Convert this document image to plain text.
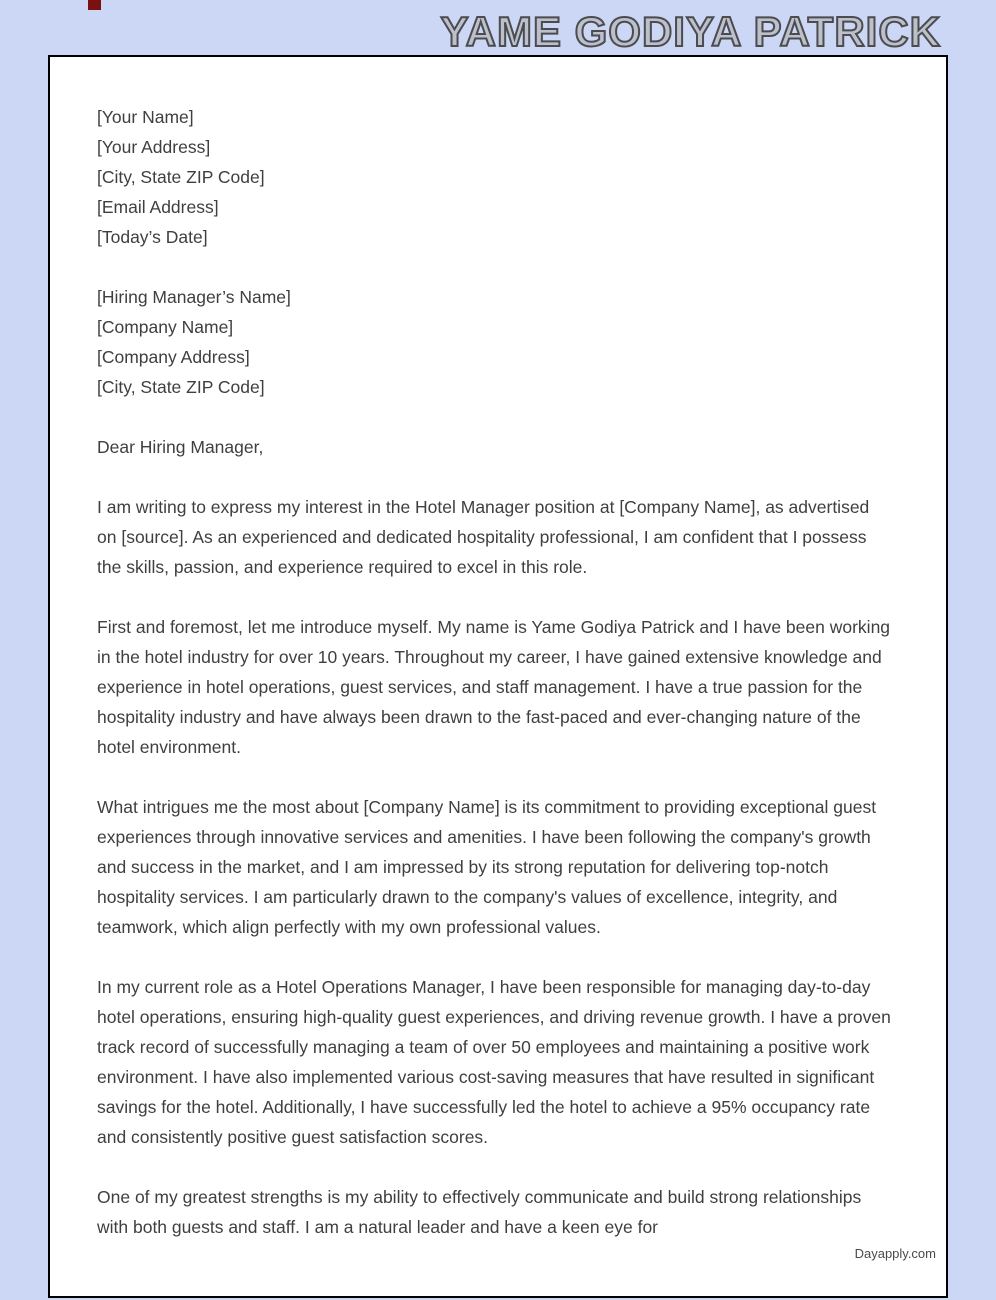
YAME GODIYA PATRICK
[Your Name]
[Your Address]
[City, State ZIP Code]
[Email Address]
[Today’s Date]
[Hiring Manager’s Name]
[Company Name]
[Company Address]
[City, State ZIP Code]

Dear Hiring Manager,

I am writing to express my interest in the Hotel Manager position at [Company Name], as advertised on [source]. As an experienced and dedicated hospitality professional, I am confident that I possess the skills, passion, and experience required to excel in this role.

First and foremost, let me introduce myself. My name is Yame Godiya Patrick and I have been working in the hotel industry for over 10 years. Throughout my career, I have gained extensive knowledge and experience in hotel operations, guest services, and staff management. I have a true passion for the hospitality industry and have always been drawn to the fast-paced and ever-changing nature of the hotel environment.

What intrigues me the most about [Company Name] is its commitment to providing exceptional guest experiences through innovative services and amenities. I have been following the company's growth and success in the market, and I am impressed by its strong reputation for delivering top-notch hospitality services. I am particularly drawn to the company's values of excellence, integrity, and teamwork, which align perfectly with my own professional values.

In my current role as a Hotel Operations Manager, I have been responsible for managing day-to-day hotel operations, ensuring high-quality guest experiences, and driving revenue growth. I have a proven track record of successfully managing a team of over 50 employees and maintaining a positive work environment. I have also implemented various cost-saving measures that have resulted in significant savings for the hotel. Additionally, I have successfully led the hotel to achieve a 95% occupancy rate and consistently positive guest satisfaction scores.

One of my greatest strengths is my ability to effectively communicate and build strong relationships with both guests and staff. I am a natural leader and have a keen eye for

Dayapply.com
